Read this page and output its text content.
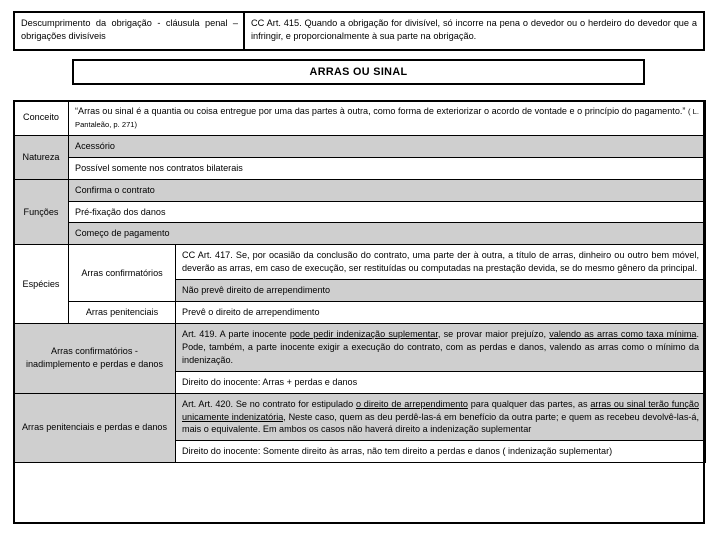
Descumprimento da obrigação - cláusula penal – obrigações divisíveis
CC Art. 415. Quando a obrigação for divisível, só incorre na pena o devedor ou o herdeiro do devedor que a infringir, e proporcionalmente à sua parte na obrigação.
ARRAS OU SINAL
Conceito	“Arras ou sinal é a quantia ou coisa entregue por uma das partes à outra, como forma de exteriorizar o acordo de vontade e o princípio do pagamento.” ( L. Pantaleão, p. 271)	
Natureza	Acessório	
	Possível somente nos contratos bilaterais	
Funções	Confirma o contrato	
	Pré-fixação dos danos	
	Começo de pagamento	
Espécies	Arras confirmatórios	CC Art. 417. Se, por ocasião da conclusão do contrato, uma parte der à outra, a título de arras, dinheiro ou outro bem móvel, deverão as arras, em caso de execução, ser restituídas ou computadas na prestação devida, se do mesmo gênero da principal.
		Não prevê direito de arrependimento
	Arras penitenciais	Prevê o direito de arrependimento
Arras confirmatórios - inadimplemento e perdas e danos		Art. 419. A parte inocente pode pedir indenização suplementar, se provar maior prejuízo, valendo as arras como taxa mínima. Pode, também, a parte inocente exigir a execução do contrato, com as perdas e danos, valendo as arras como o mínimo da indenização.
		Direito do inocente: Arras + perdas e danos
Arras penitenciais e perdas e danos		Art. Art. 420. Se no contrato for estipulado o direito de arrependimento para qualquer das partes, as arras ou sinal terão função unicamente indenizatória, Neste caso, quem as deu perdê-las-á em benefício da outra parte; e quem as recebeu devolvê-las-á, mais o equivalente. Em ambos os casos não haverá direito a indenização suplementar
		Direito do inocente: Somente direito às arras, não tem direito a perdas e danos ( indenização suplementar)
